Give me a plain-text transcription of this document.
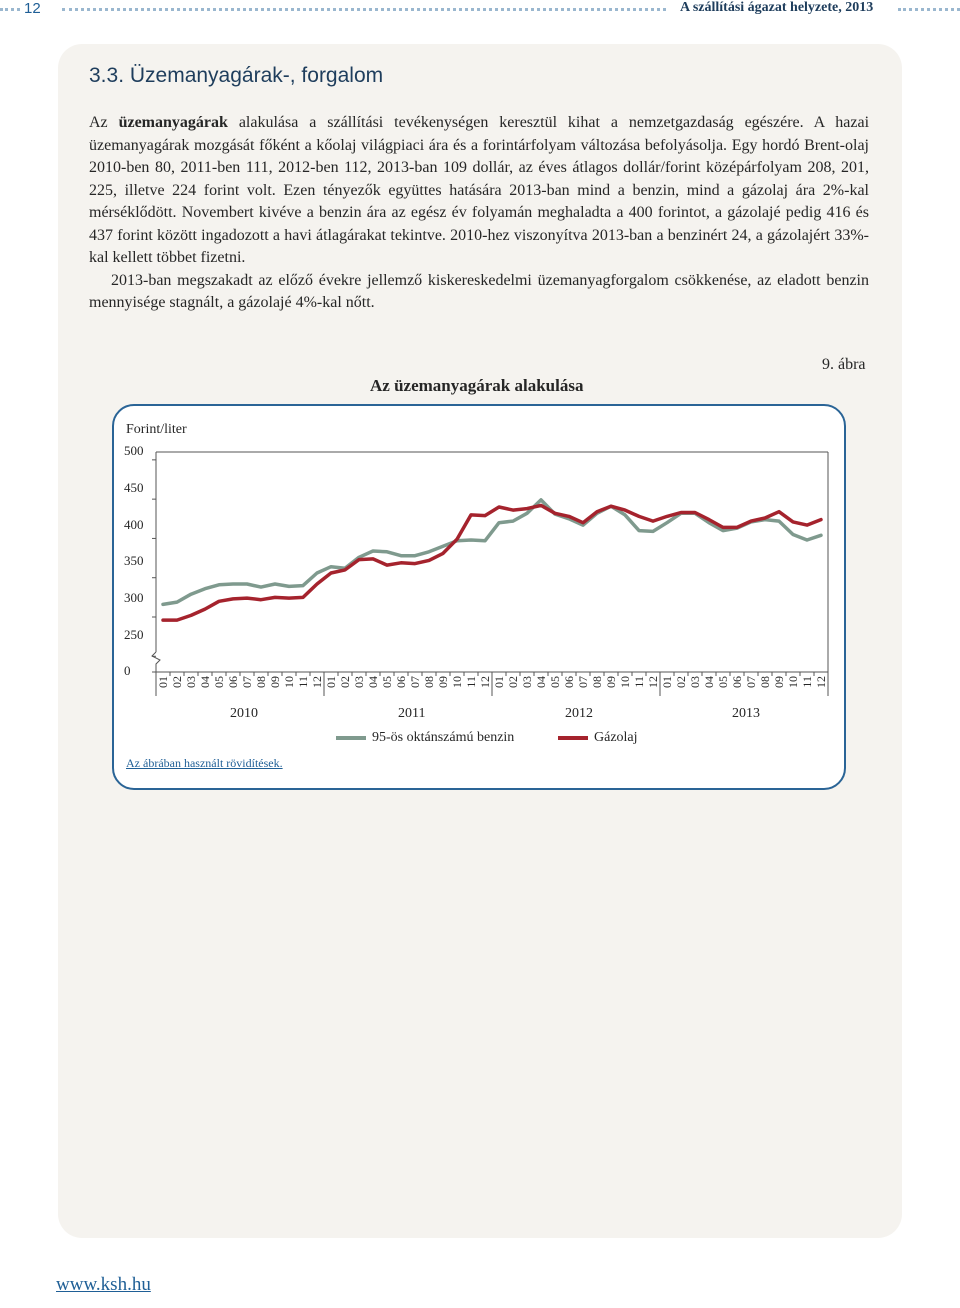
12	A szállítási ágazat helyzete, 2013
3.3. Üzemanyagárak-, forgalom

Az üzemanyagárak alakulása a szállítási tevékenységen keresztül kihat a nemzetgazdaság egészére. A hazai üzemanyagárak mozgását főként a kőolaj világpiaci ára és a forintárfolyam változása befolyásolja. Egy hordó Brent-olaj 2010-ben 80, 2011-ben 111, 2012-ben 112, 2013-ban 109 dollár, az éves átlagos dollár/forint középárfolyam 208, 201, 225, illetve 224 forint volt. Ezen tényezők együttes hatására 2013-ban mind a benzin, mind a gázolaj ára 2%-kal mérséklődött. Novembert kivéve a benzin ára az egész év folyamán meghaladta a 400 forintot, a gázolajé pedig 416 és 437 forint között ingadozott a havi átlagárakat tekintve. 2010-hez viszonyítva 2013-ban a benzinért 24, a gázolajért 33%-kal kellett többet fizetni.

2013-ban megszakadt az előző évekre jellemző kiskereskedelmi üzemanyagforgalom csökkenése, az eladott benzin mennyisége stagnált, a gázolajé 4%-kal nőtt.

9. ábra
Az üzemanyagárak alakulása
Forint/liter
500
450
400
350
300
250
0
01 02 03 04 05 06 07 08 09 10 11 12 01 02 03 04 05 06 07 08 09 10 11 12 01 02 03 04 05 06 07 08 09 10 11 12 01 02 03 04 05 06 07 08 09 10 11 12
2010	2011	2012	2013
95-ös oktánszámú benzin	Gázolaj
Az ábrában használt rövidítések.
www.ksh.hu
